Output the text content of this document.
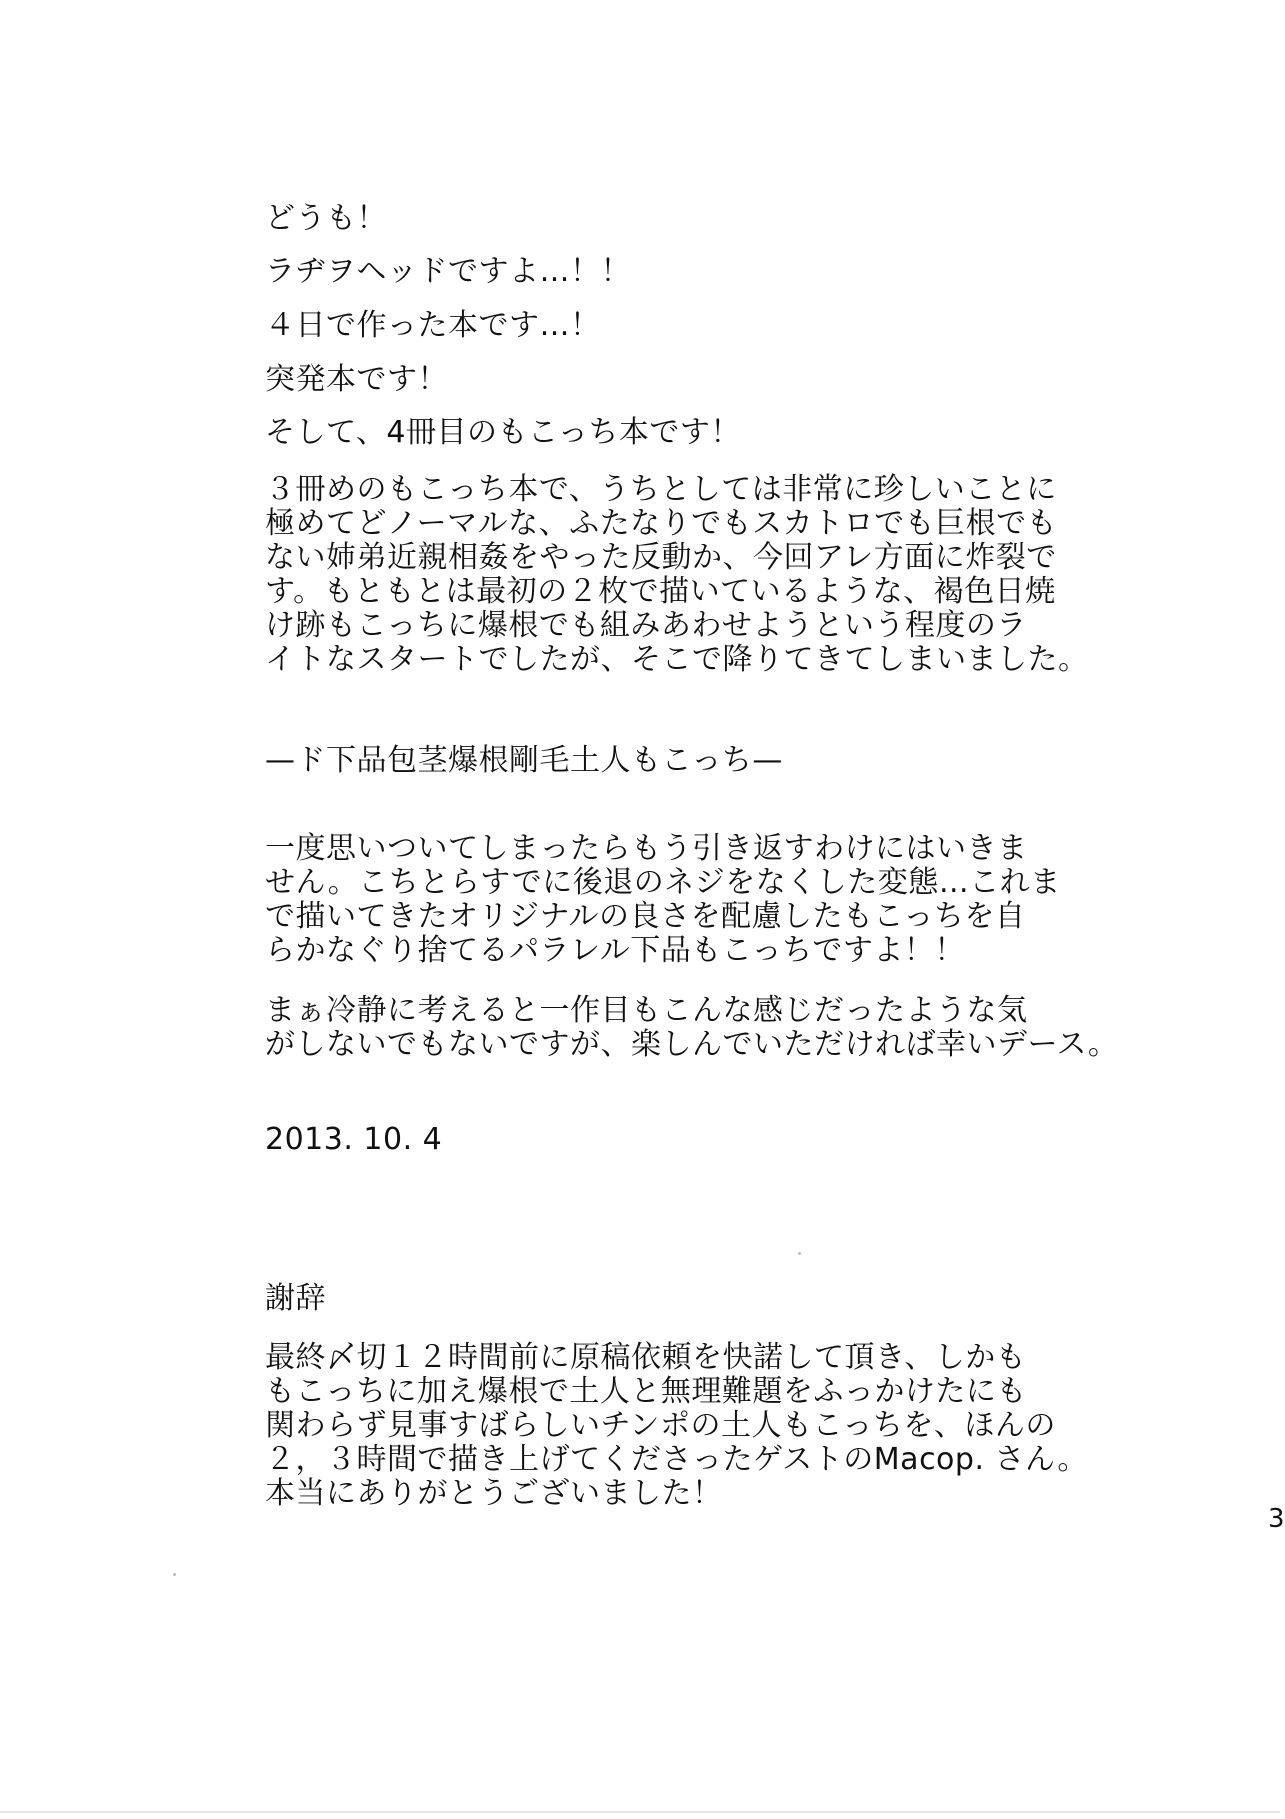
どうも！
ラヂヲヘッドですよ…！！
４日で作った本です…！
突発本です！
そして、4冊目のもこっち本です！
３冊めのもこっち本で、うちとしては非常に珍しいことに
極めてどノーマルな、ふたなりでもスカトロでも巨根でも
ない姉弟近親相姦をやった反動か、今回アレ方面に炸裂で
す。もともとは最初の２枚で描いているような、褐色日焼
け跡もこっちに爆根でも組みあわせようという程度のラ
イトなスタートでしたが、そこで降りてきてしまいました。
—ド下品包茎爆根剛毛土人もこっち—
一度思いついてしまったらもう引き返すわけにはいきま
せん。こちとらすでに後退のネジをなくした変態…これま
で描いてきたオリジナルの良さを配慮したもこっちを自
らかなぐり捨てるパラレル下品もこっちですよ！！
まぁ冷静に考えると一作目もこんな感じだったような気
がしないでもないですが、楽しんでいただければ幸いデース。
2013. 10. 4
謝辞
最終〆切１２時間前に原稿依頼を快諾して頂き、しかも
もこっちに加え爆根で土人と無理難題をふっかけたにも
関わらず見事すばらしいチンポの土人もこっちを、ほんの
２，３時間で描き上げてくださったゲストのMacop. さん。
本当にありがとうございました！
3
